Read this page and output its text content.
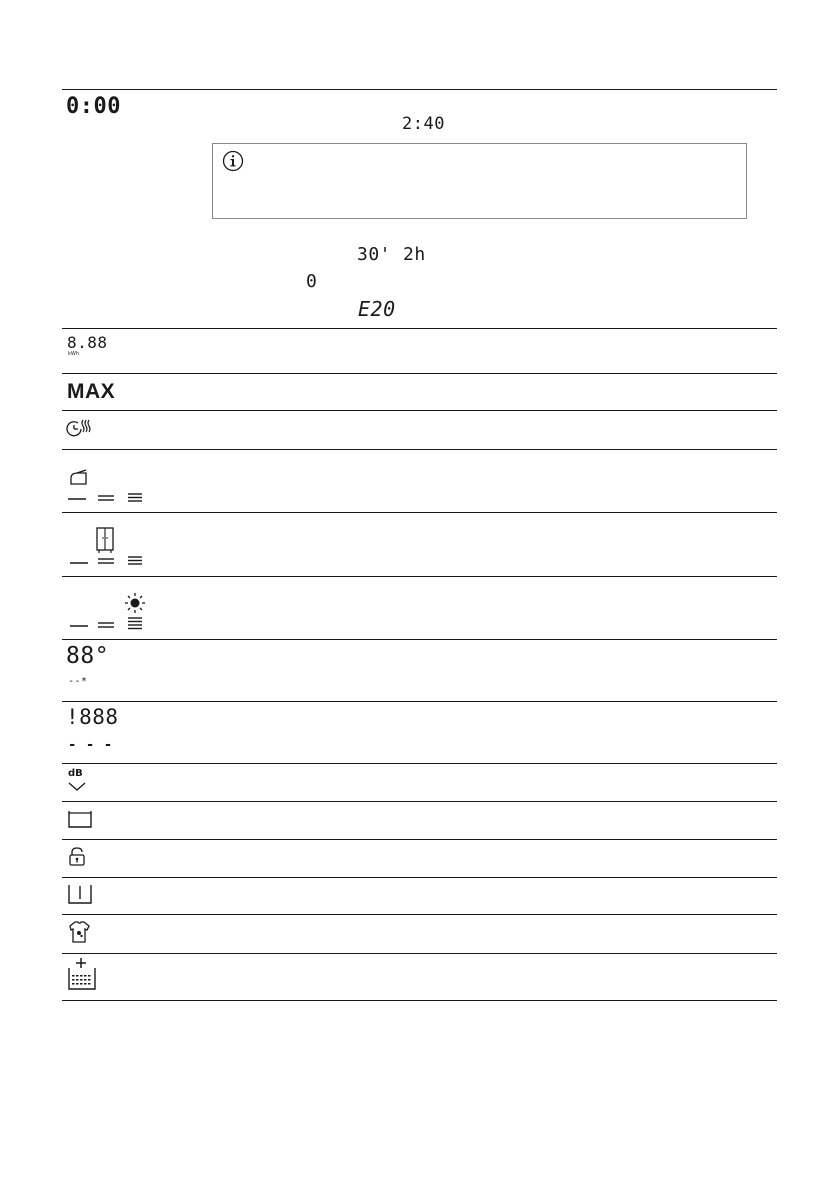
0:00
2:40
30' 2h
0
E20
8.88
kWh
MAX
88°
--*
!888
- - -
dB
